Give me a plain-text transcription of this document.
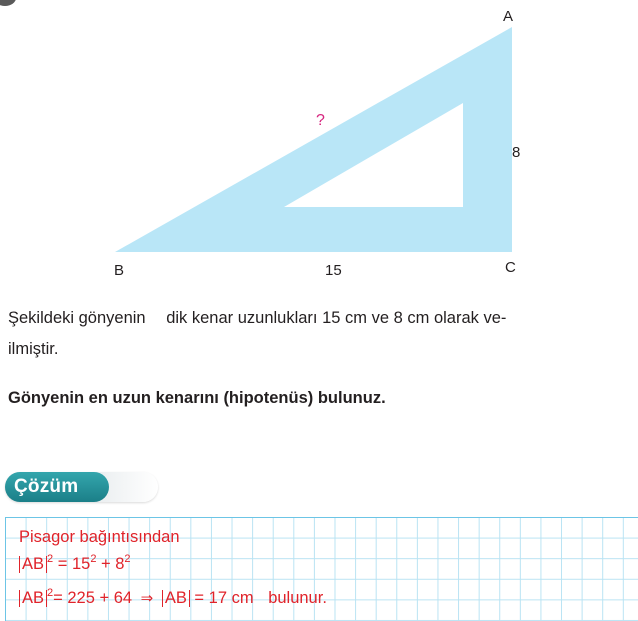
A
B	C
15
8
?
Şekildeki gönyenin dik kenar uzunlukları 15 cm ve 8 cm olarak ve-
ilmiştir.
Gönyenin en uzun kenarını (hipotenüs) bulunuz.
Çözüm
Pisagor bağıntısından
AB $^2 = 15^2 + 8^2$
AB $^2$= 225 + 64 ⇒ AB = 17 cm bulunur.
